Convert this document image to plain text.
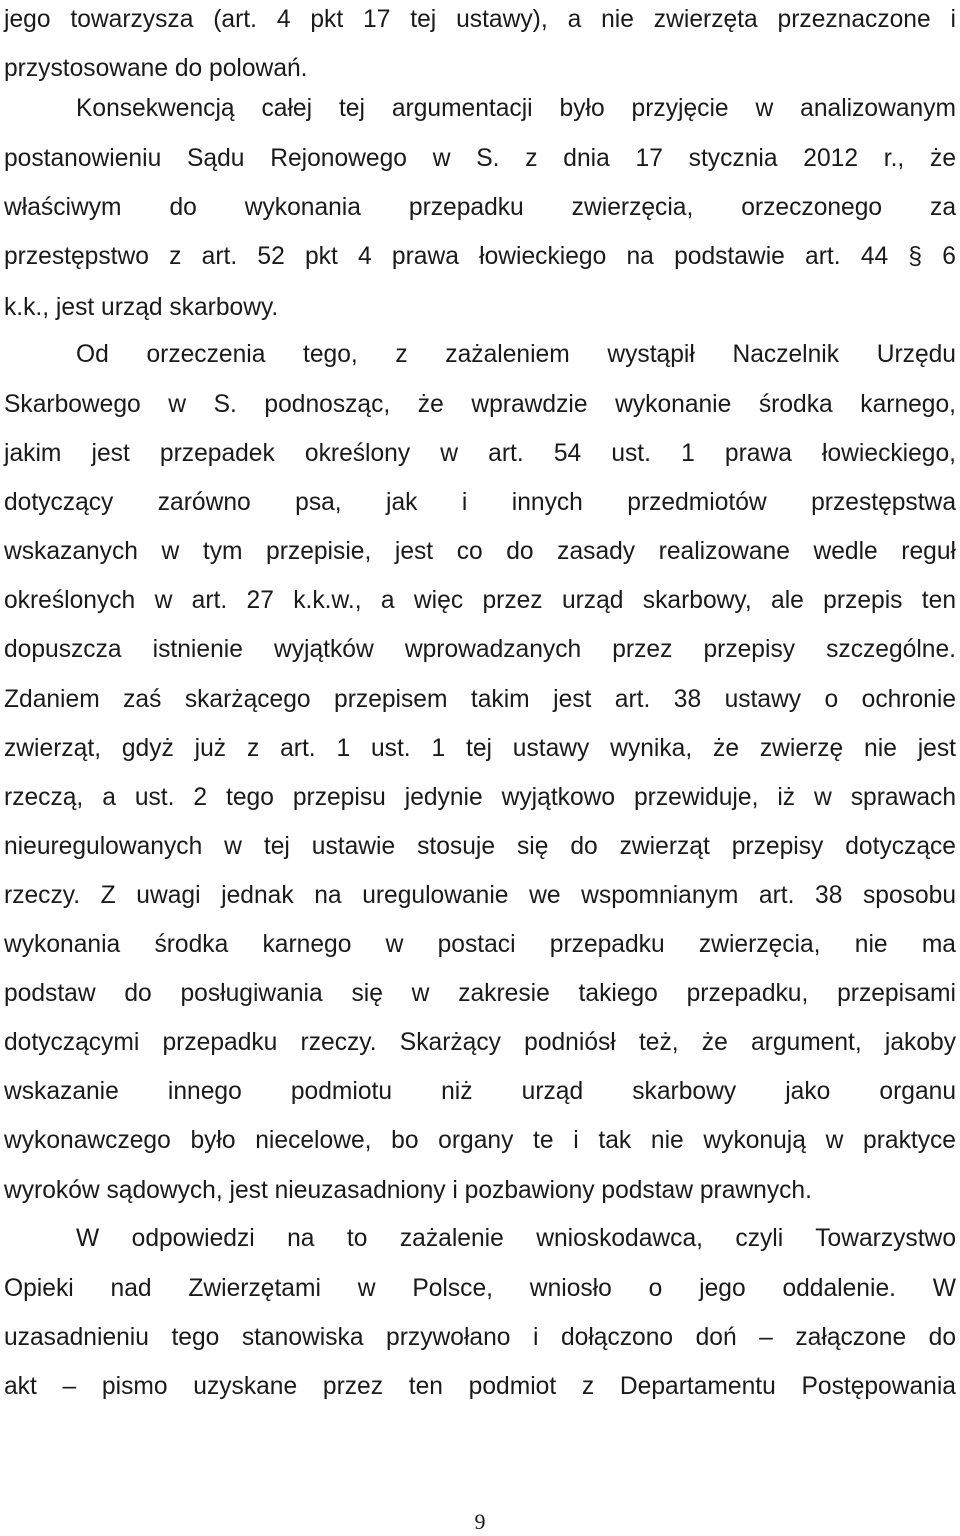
jego towarzysza (art. 4 pkt 17 tej ustawy), a nie zwierzęta przeznaczone i
przystosowane do polowań.
Konsekwencją całej tej argumentacji było przyjęcie w analizowanym
postanowieniu Sądu Rejonowego w S. z dnia 17 stycznia 2012 r., że
właściwym do wykonania przepadku zwierzęcia, orzeczonego za
przestępstwo z art. 52 pkt 4 prawa łowieckiego na podstawie art. 44 § 6
k.k., jest urząd skarbowy.
Od orzeczenia tego, z zażaleniem wystąpił Naczelnik Urzędu
Skarbowego w S. podnosząc, że wprawdzie wykonanie środka karnego,
jakim jest przepadek określony w art. 54 ust. 1 prawa łowieckiego,
dotyczący zarówno psa, jak i innych przedmiotów przestępstwa
wskazanych w tym przepisie, jest co do zasady realizowane wedle reguł
określonych w art. 27 k.k.w., a więc przez urząd skarbowy, ale przepis ten
dopuszcza istnienie wyjątków wprowadzanych przez przepisy szczególne.
Zdaniem zaś skarżącego przepisem takim jest art. 38 ustawy o ochronie
zwierząt, gdyż już z art. 1 ust. 1 tej ustawy wynika, że zwierzę nie jest
rzeczą, a ust. 2 tego przepisu jedynie wyjątkowo przewiduje, iż w sprawach
nieuregulowanych w tej ustawie stosuje się do zwierząt przepisy dotyczące
rzeczy. Z uwagi jednak na uregulowanie we wspomnianym art. 38 sposobu
wykonania środka karnego w postaci przepadku zwierzęcia, nie ma
podstaw do posługiwania się w zakresie takiego przepadku, przepisami
dotyczącymi przepadku rzeczy. Skarżący podniósł też, że argument, jakoby
wskazanie innego podmiotu niż urząd skarbowy jako organu
wykonawczego było niecelowe, bo organy te i tak nie wykonują w praktyce
wyroków sądowych, jest nieuzasadniony i pozbawiony podstaw prawnych.
W odpowiedzi na to zażalenie wnioskodawca, czyli Towarzystwo
Opieki nad Zwierzętami w Polsce, wniosło o jego oddalenie. W
uzasadnieniu tego stanowiska przywołano i dołączono doń – załączone do
akt – pismo uzyskane przez ten podmiot z Departamentu Postępowania
9
